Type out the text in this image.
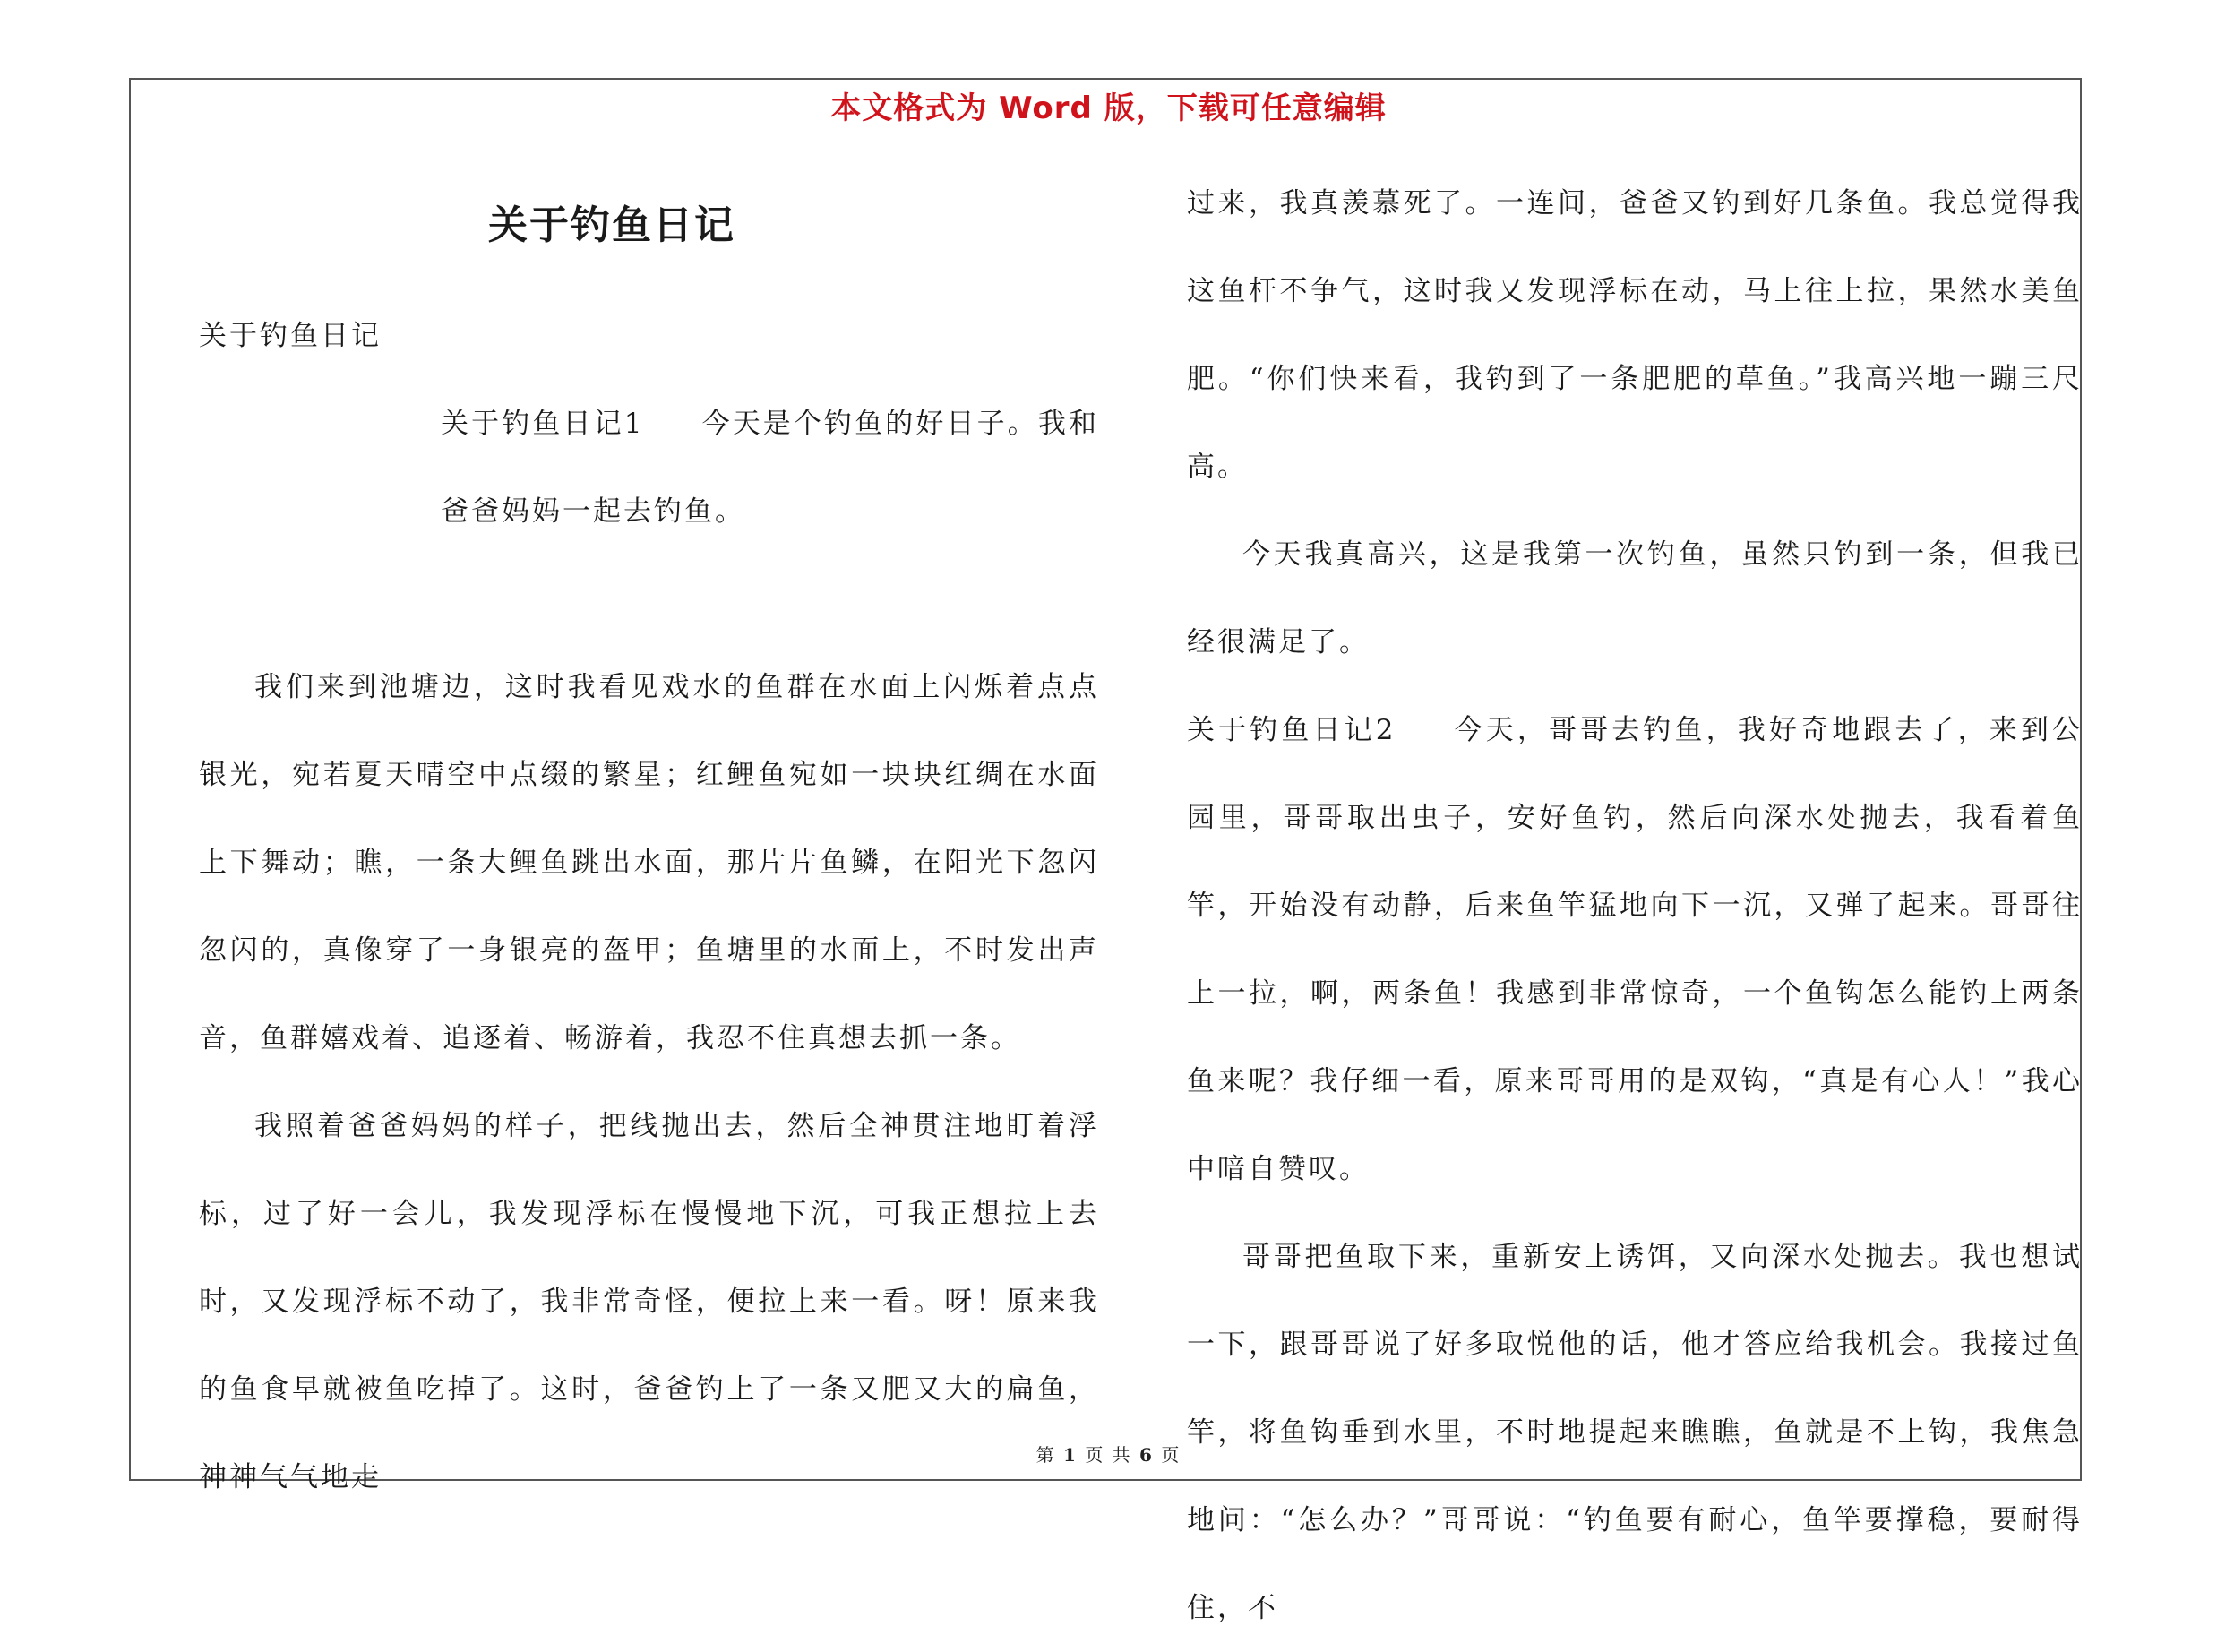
本文格式为 Word 版，下载可任意编辑
关于钓鱼日记
关于钓鱼日记

关于钓鱼日记1 今天是个钓鱼的好日子。我和爸爸妈妈一起去钓鱼。

我们来到池塘边，这时我看见戏水的鱼群在水面上闪烁着点点银光，宛若夏天晴空中点缀的繁星；红鲤鱼宛如一块块红绸在水面上下舞动；瞧，一条大鲤鱼跳出水面，那片片鱼鳞，在阳光下忽闪忽闪的，真像穿了一身银亮的盔甲；鱼塘里的水面上，不时发出声音，鱼群嬉戏着、追逐着、畅游着，我忍不住真想去抓一条。

我照着爸爸妈妈的样子，把线抛出去，然后全神贯注地盯着浮标，过了好一会儿，我发现浮标在慢慢地下沉，可我正想拉上去时，又发现浮标不动了，我非常奇怪，便拉上来一看。呀！原来我的鱼食早就被鱼吃掉了。这时，爸爸钓上了一条又肥又大的扁鱼，神神气气地走

过来，我真羡慕死了。一连间，爸爸又钓到好几条鱼。我总觉得我这鱼杆不争气，这时我又发现浮标在动，马上往上拉，果然水美鱼肥。“你们快来看，我钓到了一条肥肥的草鱼。”我高兴地一蹦三尺高。

今天我真高兴，这是我第一次钓鱼，虽然只钓到一条，但我已经很满足了。

关于钓鱼日记2 今天，哥哥去钓鱼，我好奇地跟去了，来到公园里，哥哥取出虫子，安好鱼钓，然后向深水处抛去，我看着鱼竿，开始没有动静，后来鱼竿猛地向下一沉，又弹了起来。哥哥往上一拉，啊，两条鱼！我感到非常惊奇，一个鱼钩怎么能钓上两条鱼来呢？我仔细一看，原来哥哥用的是双钩，“真是有心人！”我心中暗自赞叹。

哥哥把鱼取下来，重新安上诱饵，又向深水处抛去。我也想试一下，跟哥哥说了好多取悦他的话，他才答应给我机会。我接过鱼竿，将鱼钩垂到水里，不时地提起来瞧瞧，鱼就是不上钩，我焦急地问：“怎么办？”哥哥说：“钓鱼要有耐心，鱼竿要撑稳，要耐得住，不

第 1 页 共 6 页
